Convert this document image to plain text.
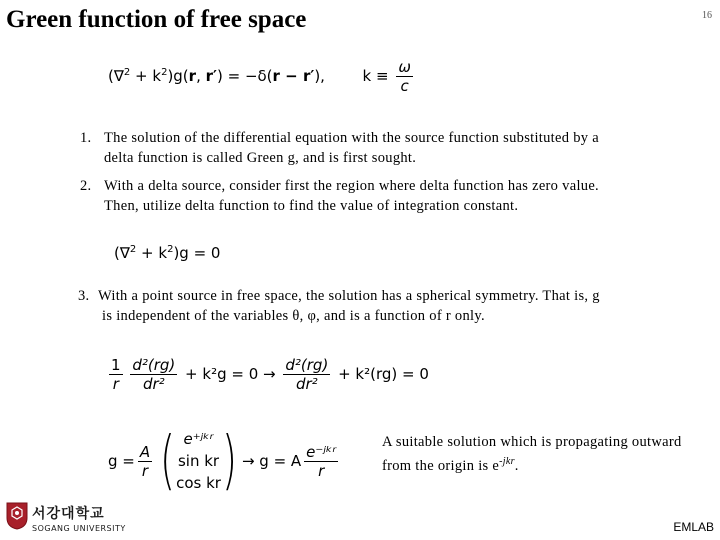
Green function of free space	16
$(\nabla^2 + k^2)g(r$, r′) = −δ(r − r′),	$k \equiv \frac{\omega}{c}$
1. The solution of the differential equation with the source function substituted by a
delta function is called Green g, and is first sought.
2. With a delta source, consider first the region where delta function has zero value.
Then, utilize delta function to find the value of integration constant.
$(\nabla^2 + k^2)g = 0$
3. With a point source in free space, the solution has a spherical symmetry. That is, g
is independent of the variables θ, φ, and is a function of r only.
$\frac{1}{r}$
$\frac{\text{d²(rg)}}{\text{dr²}} + k^2g = 0 \to \frac{\text{d²(rg)}}{\text{dr²}} + k^2(rg) = 0$
$g = \frac{A}{r}$ ( e⁺ʲᵏʳ
sin kr
cos kr ) → g = A $\frac{\text{e⁻ʲᵏʳ}}{r}$
A suitable solution which is propagating outward
from the origin is $e^{-jkr}$.
서강대학교
SOGANG UNIVERSITY	EMLAB
